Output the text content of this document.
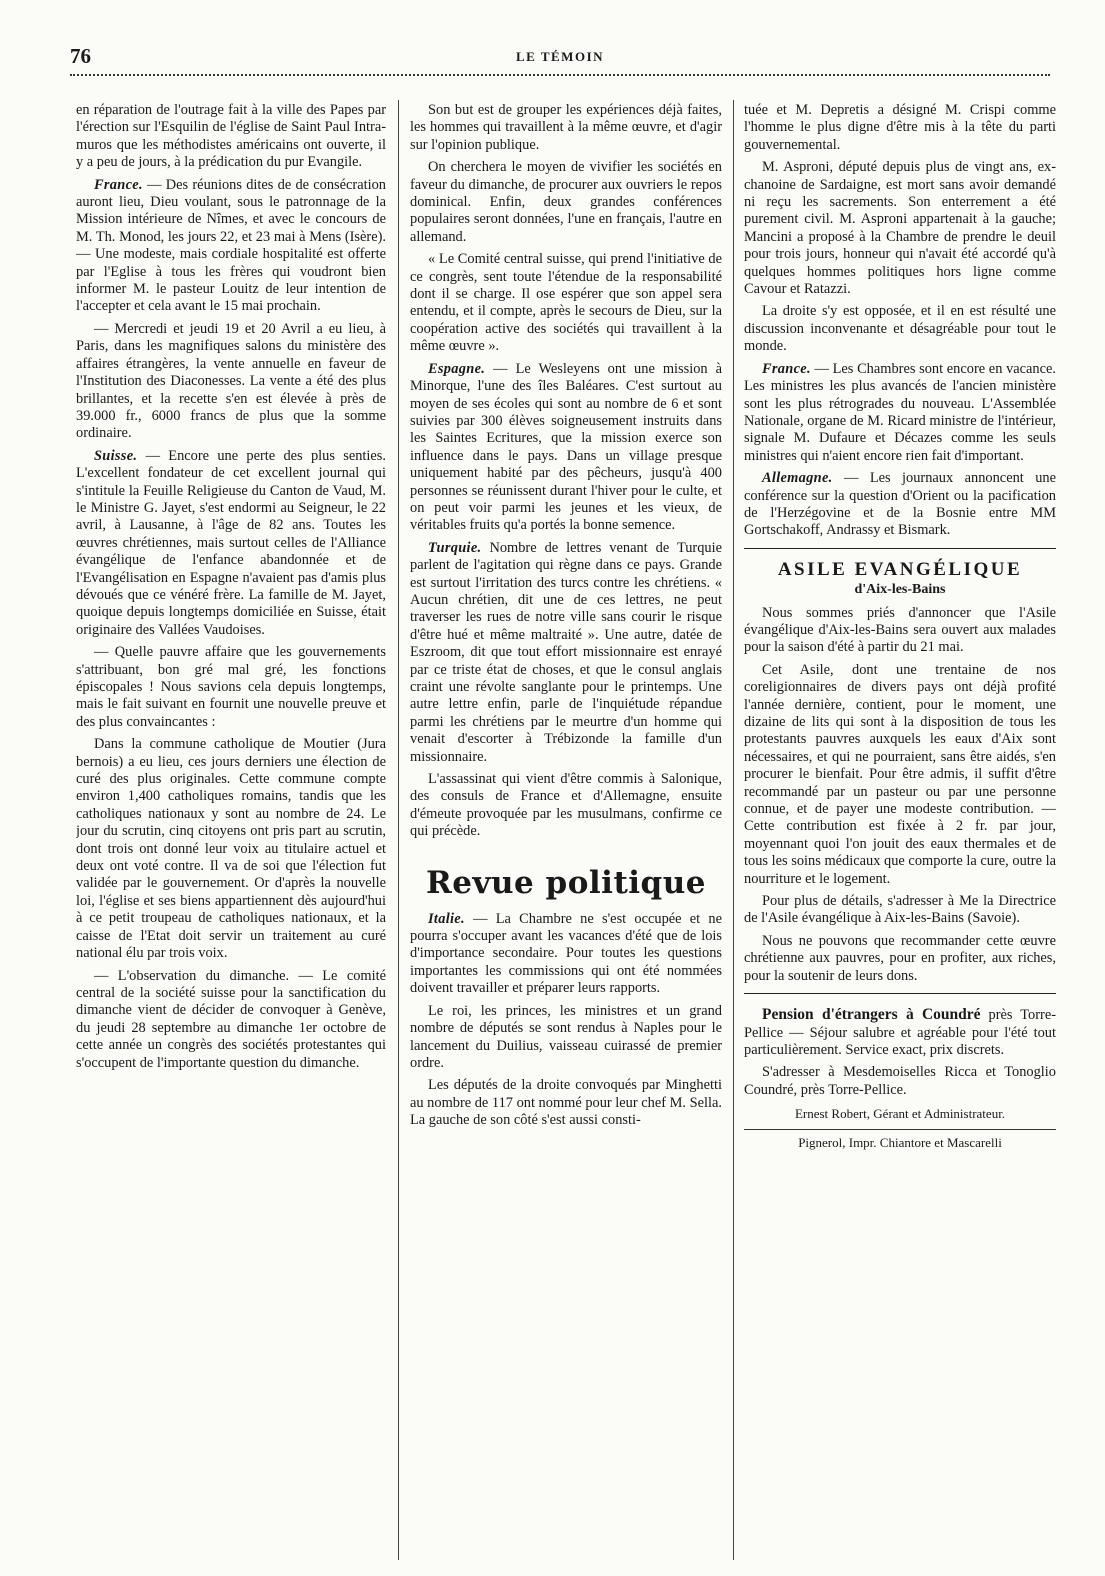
76	LE TÉMOIN

en réparation de l'outrage fait à la ville des Papes par l'érection sur l'Esquilin de l'église de Saint Paul Intra-muros que les méthodistes américains ont ouverte, il y a peu de jours, à la prédication du pur Evangile.

France. — Des réunions dites de de consécration auront lieu, Dieu voulant, sous le patronnage de la Mission intérieure de Nîmes, et avec le concours de M. Th. Monod, les jours 22, et 23 mai à Mens (Isère). — Une modeste, mais cordiale hospitalité est offerte par l'Eglise à tous les frères qui voudront bien informer M. le pasteur Louitz de leur intention de l'accepter et cela avant le 15 mai prochain.

— Mercredi et jeudi 19 et 20 Avril a eu lieu, à Paris, dans les magnifiques salons du ministère des affaires étrangères, la vente annuelle en faveur de l'Institution des Diaconesses. La vente a été des plus brillantes, et la recette s'en est élevée à près de 39.000 fr., 6000 francs de plus que la somme ordinaire.

Suisse. — Encore une perte des plus senties. L'excellent fondateur de cet excellent journal qui s'intitule la Feuille Religieuse du Canton de Vaud, M. le Ministre G. Jayet, s'est endormi au Seigneur, le 22 avril, à Lausanne, à l'âge de 82 ans. Toutes les œuvres chrétiennes, mais surtout celles de l'Alliance évangélique de l'enfance abandonnée et de l'Evangélisation en Espagne n'avaient pas d'amis plus dévoués que ce vénéré frère. La famille de M. Jayet, quoique depuis longtemps domiciliée en Suisse, était originaire des Vallées Vaudoises.

— Quelle pauvre affaire que les gouvernements s'attribuant, bon gré mal gré, les fonctions épiscopales ! Nous savions cela depuis longtemps, mais le fait suivant en fournit une nouvelle preuve et des plus convaincantes :

Dans la commune catholique de Moutier (Jura bernois) a eu lieu, ces jours derniers une élection de curé des plus originales. Cette commune compte environ 1,400 catholiques romains, tandis que les catholiques nationaux y sont au nombre de 24. Le jour du scrutin, cinq citoyens ont pris part au scrutin, dont trois ont donné leur voix au titulaire actuel et deux ont voté contre. Il va de soi que l'élection fut validée par le gouvernement. Or d'après la nouvelle loi, l'église et ses biens appartiennent dès aujourd'hui à ce petit troupeau de catholiques nationaux, et la caisse de l'Etat doit servir un traitement au curé national élu par trois voix.

— L'observation du dimanche. — Le comité central de la société suisse pour la sanctification du dimanche vient de décider de convoquer à Genève, du jeudi 28 septembre au dimanche 1er octobre de cette année un congrès des sociétés protestantes qui s'occupent de l'importante question du dimanche.

Son but est de grouper les expériences déjà faites, les hommes qui travaillent à la même œuvre, et d'agir sur l'opinion publique.

On cherchera le moyen de vivifier les sociétés en faveur du dimanche, de procurer aux ouvriers le repos dominical. Enfin, deux grandes conférences populaires seront données, l'une en français, l'autre en allemand.

« Le Comité central suisse, qui prend l'initiative de ce congrès, sent toute l'étendue de la responsabilité dont il se charge. Il ose espérer que son appel sera entendu, et il compte, après le secours de Dieu, sur la coopération active des sociétés qui travaillent à la même œuvre ».

Espagne. — Le Wesleyens ont une mission à Minorque, l'une des îles Baléares. C'est surtout au moyen de ses écoles qui sont au nombre de 6 et sont suivies par 300 élèves soigneusement instruits dans les Saintes Ecritures, que la mission exerce son influence dans le pays. Dans un village presque uniquement habité par des pêcheurs, jusqu'à 400 personnes se réunissent durant l'hiver pour le culte, et on peut voir parmi les jeunes et les vieux, de véritables fruits qu'a portés la bonne semence.

Turquie. Nombre de lettres venant de Turquie parlent de l'agitation qui règne dans ce pays. Grande est surtout l'irritation des turcs contre les chrétiens. « Aucun chrétien, dit une de ces lettres, ne peut traverser les rues de notre ville sans courir le risque d'être hué et même maltraité ». Une autre, datée de Eszroom, dit que tout effort missionnaire est enrayé par ce triste état de choses, et que le consul anglais craint une révolte sanglante pour le printemps. Une autre lettre enfin, parle de l'inquiétude répandue parmi les chrétiens par le meurtre d'un homme qui venait d'escorter à Trébizonde la famille d'un missionnaire.

L'assassinat qui vient d'être commis à Salonique, des consuls de France et d'Allemagne, ensuite d'émeute provoquée par les musulmans, confirme ce qui précède.

Revue politique

Italie. — La Chambre ne s'est occupée et ne pourra s'occuper avant les vacances d'été que de lois d'importance secondaire. Pour toutes les questions importantes les commissions qui ont été nommées doivent travailler et préparer leurs rapports.

Le roi, les princes, les ministres et un grand nombre de députés se sont rendus à Naples pour le lancement du Duilius, vaisseau cuirassé de premier ordre.

Les députés de la droite convoqués par Minghetti au nombre de 117 ont nommé pour leur chef M. Sella. La gauche de son côté s'est aussi consti-

tuée et M. Depretis a désigné M. Crispi comme l'homme le plus digne d'être mis à la tête du parti gouvernemental.

M. Asproni, député depuis plus de vingt ans, ex-chanoine de Sardaigne, est mort sans avoir demandé ni reçu les sacrements. Son enterrement a été purement civil. M. Asproni appartenait à la gauche; Mancini a proposé à la Chambre de prendre le deuil pour trois jours, honneur qui n'avait été accordé qu'à quelques hommes politiques hors ligne comme Cavour et Ratazzi.

La droite s'y est opposée, et il en est résulté une discussion inconvenante et désagréable pour tout le monde.

France. — Les Chambres sont encore en vacance. Les ministres les plus avancés de l'ancien ministère sont les plus rétrogrades du nouveau. L'Assemblée Nationale, organe de M. Ricard ministre de l'intérieur, signale M. Dufaure et Décazes comme les seuls ministres qui n'aient encore rien fait d'important.

Allemagne. — Les journaux annoncent une conférence sur la question d'Orient ou la pacification de l'Herzégovine et de la Bosnie entre MM Gortschakoff, Andrassy et Bismark.

ASILE EVANGÉLIQUE
d'Aix-les-Bains

Nous sommes priés d'annoncer que l'Asile évangélique d'Aix-les-Bains sera ouvert aux malades pour la saison d'été à partir du 21 mai.

Cet Asile, dont une trentaine de nos coreligionnaires de divers pays ont déjà profité l'année dernière, contient, pour le moment, une dizaine de lits qui sont à la disposition de tous les protestants pauvres auxquels les eaux d'Aix sont nécessaires, et qui ne pourraient, sans être aidés, s'en procurer le bienfait. Pour être admis, il suffit d'être recommandé par un pasteur ou par une personne connue, et de payer une modeste contribution. — Cette contribution est fixée à 2 fr. par jour, moyennant quoi l'on jouit des eaux thermales et de tous les soins médicaux que comporte la cure, outre la nourriture et le logement.

Pour plus de détails, s'adresser à Me la Directrice de l'Asile évangélique à Aix-les-Bains (Savoie).

Nous ne pouvons que recommander cette œuvre chrétienne aux pauvres, pour en profiter, aux riches, pour la soutenir de leurs dons.

Pension d'étrangers à Coundré près Torre-Pellice — Séjour salubre et agréable pour l'été tout particulièrement. Service exact, prix discrets.

S'adresser à Mesdemoiselles Ricca et Tonoglio Coundré, près Torre-Pellice.

Ernest Robert, Gérant et Administrateur.
Pignerol, Impr. Chiantore et Mascarelli
